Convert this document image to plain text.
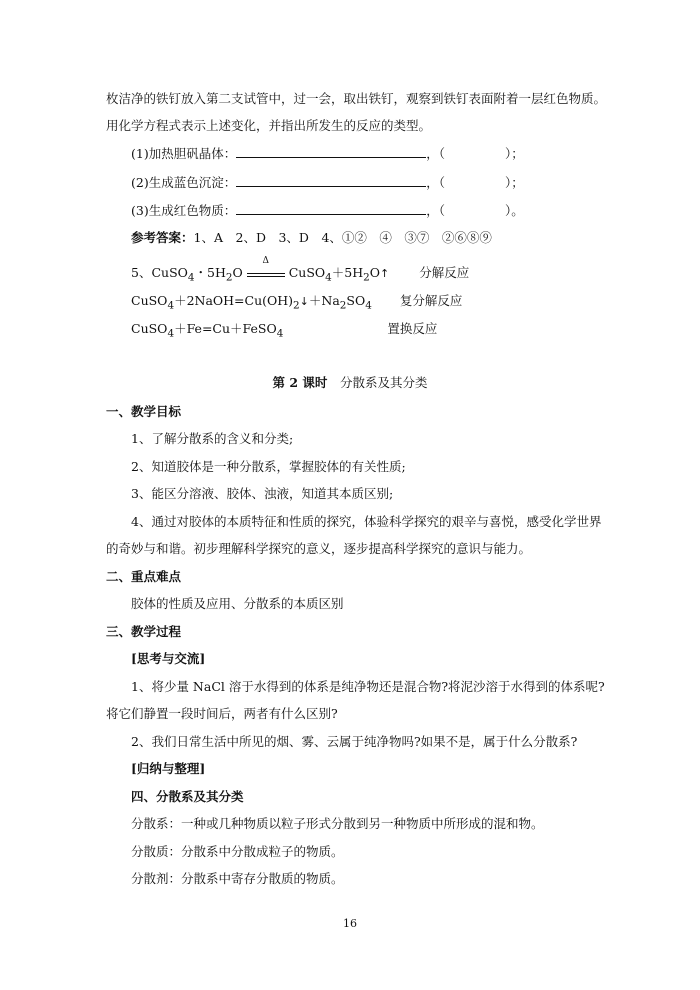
枚洁净的铁钉放入第二支试管中，过一会，取出铁钉，观察到铁钉表面附着一层红色物质。
用化学方程式表示上述变化，并指出所发生的反应的类型。
(1)加热胆矾晶体：	，（	）；
(2)生成蓝色沉淀：	，（	）；
(3)生成红色物质：	，（	）。
参考答案：1、A　2、D　3、D　4、①②　④　③⑦　②⑥⑧⑨
5、CuSO$_4$・$5H_2O$
Δ
$CuSO_4+5H_2O↑$ 分解反应
$CuSO_4+2NaOH=Cu(OH)_2↓+Na_2SO_4$ 复分解反应
CuSO$_4$＋Fe=Cu＋FeSO$_4$	置换反应
第 2 课时　 分散系及其分类
一、教学目标
1、了解分散系的含义和分类;
2、知道胶体是一种分散系，掌握胶体的有关性质;
3、能区分溶液、胶体、浊液，知道其本质区别;
4、通过对胶体的本质特征和性质的探究，体验科学探究的艰辛与喜悦，感受化学世界
的奇妙与和谐。初步理解科学探究的意义，逐步提高科学探究的意识与能力。
二、重点难点
胶体的性质及应用、分散系的本质区别
三、教学过程
[思考与交流]
1、将少量 NaCl 溶于水得到的体系是纯净物还是混合物?将泥沙溶于水得到的体系呢?
将它们静置一段时间后，两者有什么区别?
2、我们日常生活中所见的烟、雾、云属于纯净物吗?如果不是，属于什么分散系?
[归纳与整理]
四、分散系及其分类
分散系：一种或几种物质以粒子形式分散到另一种物质中所形成的混和物。
分散质：分散系中分散成粒子的物质。
分散剂：分散系中寄存分散质的物质。
16
